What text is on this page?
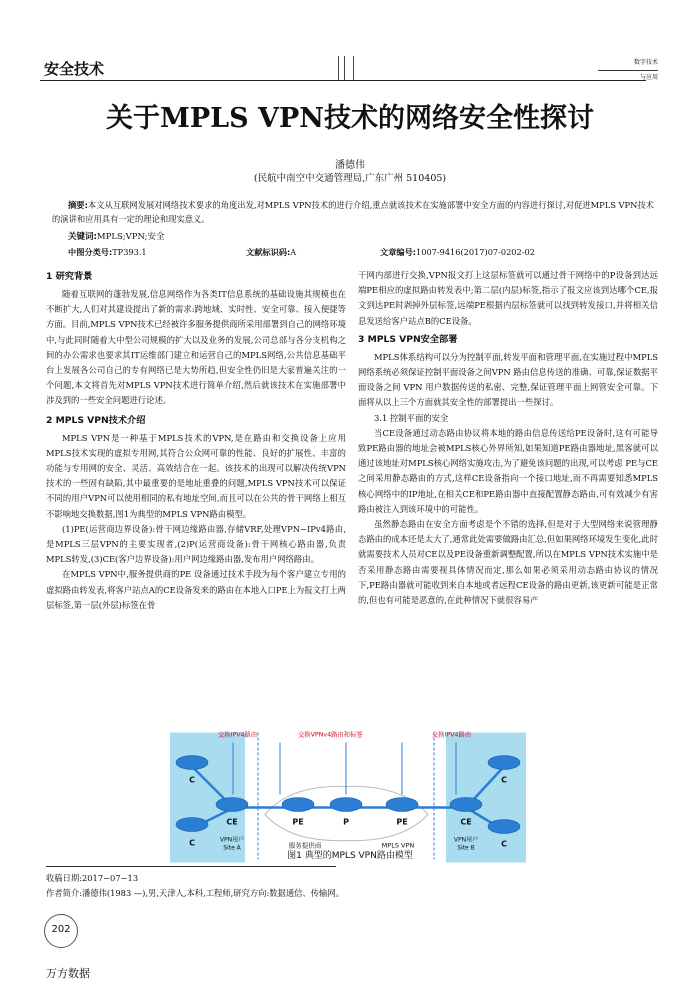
安全技术	数字技术
与应用
关于MPLS VPN技术的网络安全性探讨
潘德伟
(民航中南空中交通管理局,广东广州 510405)
摘要:本文从互联网发展对网络技术要求的角度出发,对MPLS VPN技术的进行介绍,重点就该技术在实施部署中安全方面的内容进行探讨,对促进MPLS VPN技术的演讲和应用具有一定的理论和现实意义。
关键词:MPLS;VPN;安全
中图分类号:TP393.1	文献标识码:A	文章编号:1007-9416(2017)07-0202-02
1 研究背景

随着互联网的蓬勃发展,信息网络作为各类IT信息系统的基础设施其规模也在不断扩大,人们对其建设提出了新的需求:跨地域、实时性、安全可靠、接入便捷等方面。目前,MPLS VPN技术已经被许多服务提供商所采用部署到自己的网络环境中,与此同时随着大中型公司规模的扩大以及业务的发展,公司总部与各分支机构之间的办公需求也要求其IT运维部门建立和运营自己的MPLS网络,公共信息基础平台上发展各公司自己的专有网络已是大势所趋,但安全性仍旧是大家普遍关注的一个问题,本文将首先对MPLS VPN技术进行简单介绍,然后就该技术在实施部署中涉及到的一些安全问题进行论述。

2 MPLS VPN技术介绍

MPLS VPN是一种基于MPLS技术的VPN,是在路由和交换设备上应用MPLS技术实现的虚拟专用网,其符合公众网可靠的性能、良好的扩展性、丰富的功能与专用网的安全、灵活、高效结合在一起。该技术的出现可以解决传统VPN技术的一些固有缺陷,其中最重要的是地址重叠的问题,MPLS VPN技术可以保证不同的用户VPN可以使用相同的私有地址空间,而且可以在公共的骨干网络上相互不影响地交换数据,图1为典型的MPLS VPN路由模型。

(1)PE(运营商边界设备):骨干网边缘路由器,存储VRF,处理VPN−IPv4路由,是MPLS三层VPN的主要实现者,(2)P(运营商设备):骨干网核心路由器,负责MPLS转发,(3)CE(客户边界设备):用户网边缘路由器,发布用户网络路由。

在MPLS VPN中,服务提供商的PE 设备通过技术手段为每个客户建立专用的虚拟路由转发表,将客户站点A的CE设备发来的路由在本地入口PE上为报文打上两层标签,第一层(外层)标签在骨

干网内部进行交换,VPN报文打上这层标签就可以通过骨干网络中的P设备到达远端PE相应的虚拟路由转发表中;第二层(内层)标签,指示了报文应该到达哪个CE,报文到达PE时剥掉外层标签,远端PE根据内层标签就可以找到转发接口,并将相关信息发送给客户站点B的CE设备。

3 MPLS VPN安全部署

MPLS体系结构可以分为控制平面,转发平面和管理平面,在实施过程中MPLS网络系统必须保证控制平面设备之间VPN 路由信息传送的准确、可靠,保证数据平面设备之间 VPN 用户数据传送的私密、完整,保证管理平面上网管安全可靠。下面将从以上三个方面就其安全性的部署提出一些探讨。

3.1 控制平面的安全

当CE设备通过动态路由协议将本地的路由信息传送给PE设备时,这有可能导致PE路由器的地址会被MPLS核心外界所知,如果知道PE路由器地址,黑客就可以通过该地址对MPLS核心网络实施攻击,为了避免该问题的出现,可以考虑 PE与CE之间采用静态路由的方式,这样CE设备指向一个接口地址,而不再需要知悉MPLS核心网络中的IP地址,在相关CE和PE路由器中直接配置静态路由,可有效减少有害路由被注入到该环境中的可能性。

虽然静态路由在安全方面考虑是个不错的选择,但是对于大型网络来说管理静态路由的成本还是太大了,通常此处需要做路由汇总,但如果网络环境发生变化,此时就需要技术人员对CE以及PE设备重新调整配置,所以在MPLS VPN技术实施中是否采用静态路由需要视具体情况而定,那么如果必须采用动态路由协议的情况下,PE路由器就可能收到来自本地或者远程CE设备的路由更新,该更新可能是正常的,但也有可能是恶意的,在此种情况下就很容易产

交换IPV4路由	交换VPNv4路由和标签	交换IPV4路由
C
C
CE	PE	P	PE	CE
C
C
VPN用户
Site A
VPN用户
Site B
服务提供商	MPLS VPN
图1 典型的MPLS VPN路由模型
收稿日期:2017−07−13
作者简介:潘德伟(1983 —),男,天津人,本科,工程师,研究方向:数据通信、传输网。
202
万方数据
